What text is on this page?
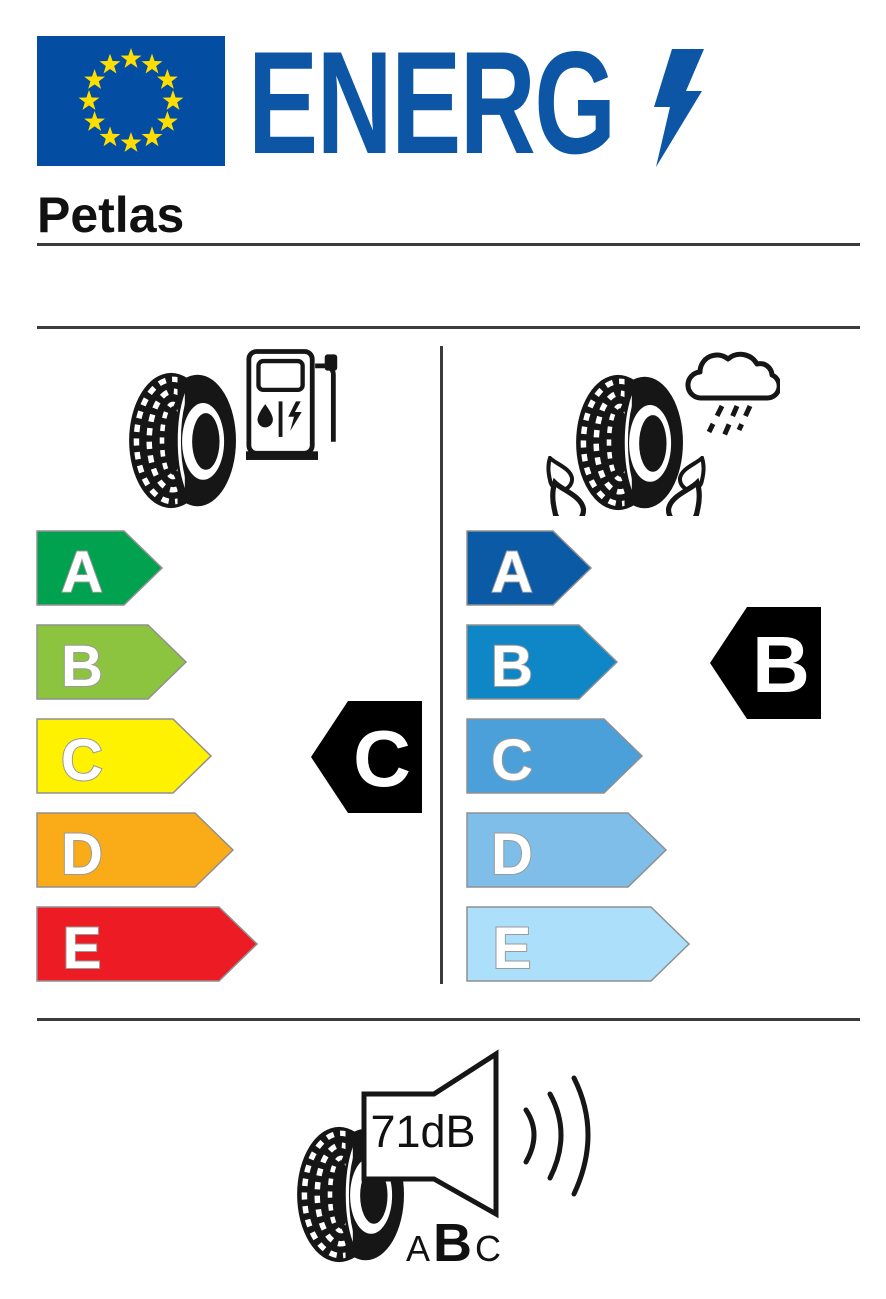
ENERG
Petlas
A
B
C
D
E
C
A
B
C
D
E
B
71dB
A B C
